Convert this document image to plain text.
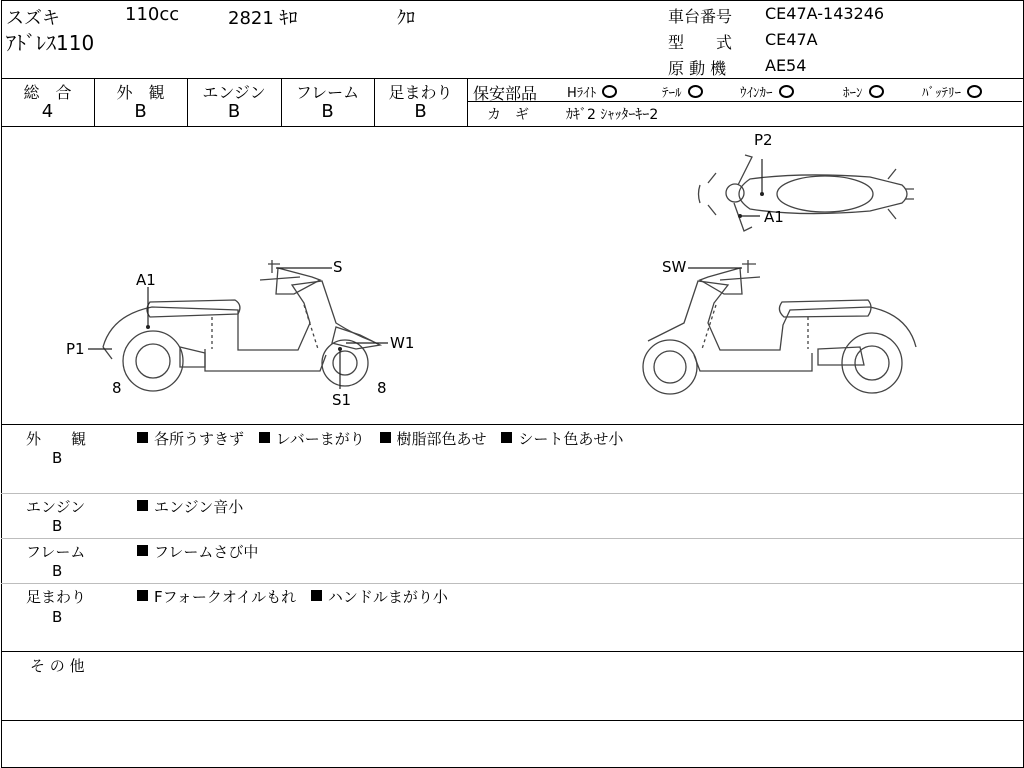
スズキ	110cc	2821 ｷﾛ	ｸﾛ
ｱﾄﾞﾚｽ110
車台番号 CE47A-143246
型　　式 CE47A
原 動 機 AE54
総　合
4
外　観
B
エンジン
B
フレーム
B
足まわり
B
保安部品 Hﾗｲﾄ	ﾃｰﾙ	ｳｲﾝｶｰ	ﾎｰﾝ	ﾊﾞｯﾃﾘｰ
カ　ギ	ｶｷﾞ2 ｼｬｯﾀｰｷｰ2
P2
A1
S
A1
P1	W1
S1
8	8
SW
外　　観
B
各所うすきず レバーまがり 樹脂部色あせ シート色あせ小
エンジン
B
エンジン音小
フレーム
B
フレームさび中
足まわり
B
Fフォークオイルもれ ハンドルまがり小
そ の 他
